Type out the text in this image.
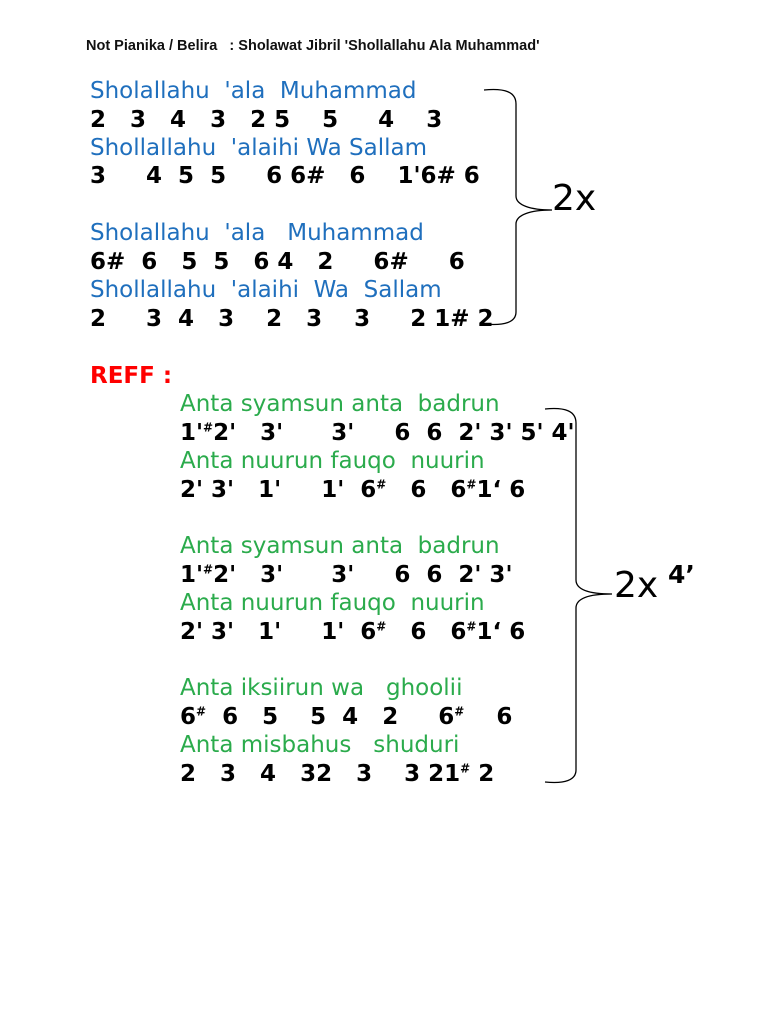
Not Pianika / Belira   : Sholawat Jibril 'Shollallahu Ala Muhammad'
Sholallahu  'ala  Muhammad
2   3   4   3   2 5    5     4    3
Shollallahu  'alaihi Wa Sallam
3     4  5  5     6 6#   6    1'6# 6
Sholallahu  'ala   Muhammad
6#  6   5  5   6 4   2     6#     6
Shollallahu  'alaihi  Wa  Sallam
2     3  4   3    2   3    3     2 1# 2
2x
REFF :
Anta syamsun anta  badrun
1'#2'   3'      3'     6  6  2' 3' 5' 4'
Anta nuurun fauqo  nuurin
2' 3'   1'     1'  6#   6   6#1‘ 6
Anta syamsun anta  badrun
1'#2'   3'      3'     6  6  2' 3'
Anta nuurun fauqo  nuurin
2' 3'   1'     1'  6#   6   6#1‘ 6
Anta iksiirun wa   ghoolii
6#  6   5    5  4   2     6#    6
Anta misbahus   shuduri
2   3   4   32   3    3 21# 2
2x 4’
